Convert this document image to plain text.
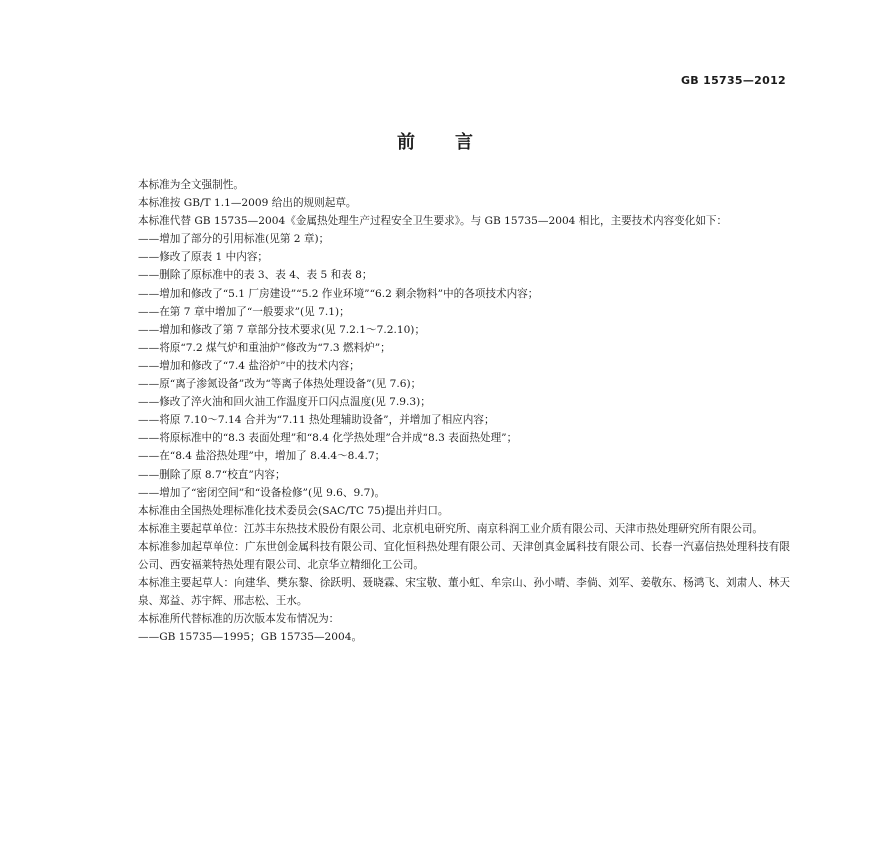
GB 15735—2012
前言

本标准为全文强制性。

本标准按 GB/T 1.1—2009 给出的规则起草。

本标准代替 GB 15735—2004《金属热处理生产过程安全卫生要求》。与 GB 15735—2004 相比，主要技术内容变化如下：

——增加了部分的引用标准(见第 2 章)；

——修改了原表 1 中内容；

——删除了原标准中的表 3、表 4、表 5 和表 8；

——增加和修改了“5.1 厂房建设”“5.2 作业环境”“6.2 剩余物料”中的各项技术内容；

——在第 7 章中增加了“一般要求”(见 7.1)；

——增加和修改了第 7 章部分技术要求(见 7.2.1～7.2.10)；

——将原“7.2 煤气炉和重油炉”修改为“7.3 燃料炉”；

——增加和修改了“7.4 盐浴炉”中的技术内容；

——原“离子渗氮设备”改为“等离子体热处理设备”(见 7.6)；

——修改了淬火油和回火油工作温度开口闪点温度(见 7.9.3)；

——将原 7.10～7.14 合并为“7.11 热处理辅助设备”，并增加了相应内容；

——将原标准中的“8.3 表面处理”和“8.4 化学热处理”合并成“8.3 表面热处理”；

——在“8.4 盐浴热处理”中，增加了 8.4.4～8.4.7；

——删除了原 8.7“校直”内容；

——增加了“密闭空间”和“设备检修”(见 9.6、9.7)。

本标准由全国热处理标准化技术委员会(SAC/TC 75)提出并归口。

本标准主要起草单位：江苏丰东热技术股份有限公司、北京机电研究所、南京科润工业介质有限公司、天津市热处理研究所有限公司。

本标准参加起草单位：广东世创金属科技有限公司、宜化恒科热处理有限公司、天津创真金属科技有限公司、长春一汽嘉信热处理科技有限公司、西安福莱特热处理有限公司、北京华立精细化工公司。

本标准主要起草人：向建华、樊东黎、徐跃明、聂晓霖、宋宝敬、董小虹、牟宗山、孙小晴、李倘、刘军、姜敬东、杨鸿飞、刘肃人、林天泉、郑益、苏宇辉、邢志松、王水。

本标准所代替标准的历次版本发布情况为：

——GB 15735—1995；GB 15735—2004。
